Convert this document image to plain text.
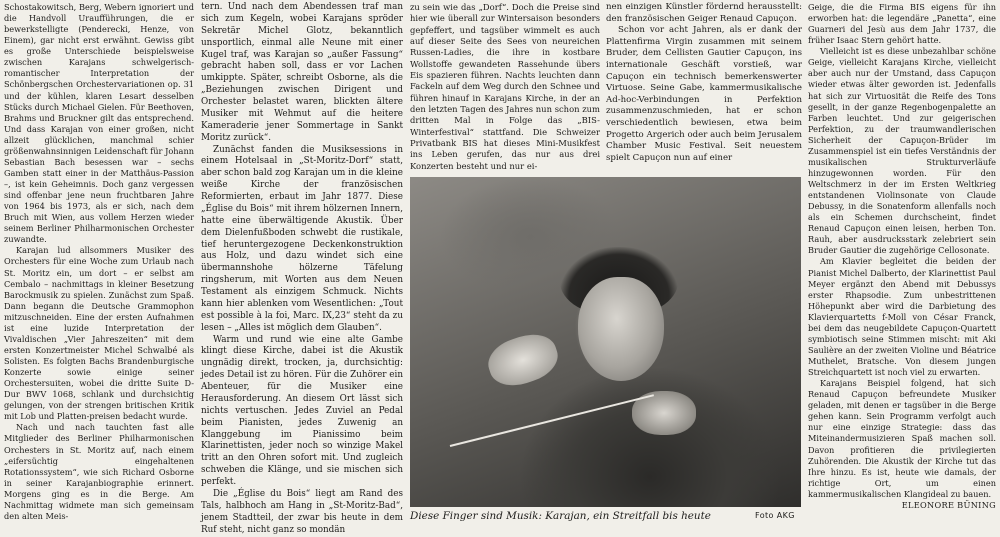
Schostakowitsch, Berg, Webern ignoriert und die Handvoll Uraufführungen, die er bewerkstelligte (Penderecki, Henze, von Einem), gar nicht erst erwähnt. Gewiss gibt es große Unterschiede beispielsweise zwischen Karajans schwelgerisch-romantischer Interpretation der Schönbergschen Orchestervariationen op. 31 und der kühlen, klaren Lesart desselben Stücks durch Michael Gielen. Für Beethoven, Brahms und Bruckner gilt das entsprechend. Und dass Karajan von einer großen, nicht allzeit glücklichen, manchmal schier größenwahnsinnigen Leidenschaft für Johann Sebastian Bach besessen war – sechs Gamben statt einer in der Matthäus-Passion –, ist kein Geheimnis. Doch ganz vergessen sind offenbar jene neun fruchtbaren Jahre von 1964 bis 1973, als er sich, nach dem Bruch mit Wien, aus vollem Herzen wieder seinem Berliner Philharmonischen Orchester zuwandte.

Karajan lud allsommers Musiker des Orchesters für eine Woche zum Urlaub nach St. Moritz ein, um dort – er selbst am Cembalo – nachmittags in kleiner Besetzung Barockmusik zu spielen. Zunächst zum Spaß. Dann begann die Deutsche Grammophon mitzuschneiden. Eine der ersten Aufnahmen ist eine luzide Interpretation der Vivaldischen „Vier Jahreszeiten“ mit dem ersten Konzertmeister Michel Schwalbé als Solisten. Es folgten Bachs Brandenburgische Konzerte sowie einige seiner Orchestersuiten, wobei die dritte Suite D-Dur BWV 1068, schlank und durchsichtig gelungen, von der strengen britischen Kritik mit Lob und Platten-preisen bedacht wurde.

Nach und nach tauchten fast alle Mitglieder des Berliner Philharmonischen Orchesters in St. Moritz auf, nach einem „eifersüchtig eingehaltenen Rotationssystem“, wie sich Richard Osborne in seiner Karajanbiographie erinnert. Morgens ging es in die Berge. Am Nachmittag widmete man sich gemeinsam den alten Meis-

tern. Und nach dem Abendessen traf man sich zum Kegeln, wobei Karajans spröder Sekretär Michel Glotz, bekanntlich unsportlich, einmal alle Neune mit einer Kugel traf, was Karajan so „außer Fassung“ gebracht haben soll, dass er vor Lachen umkippte. Später, schreibt Osborne, als die „Beziehungen zwischen Dirigent und Orchester belastet waren, blickten ältere Musiker mit Wehmut auf die heitere Kameraderie jener Sommertage in Sankt Moritz zurück“.

Zunächst fanden die Musiksessions in einem Hotelsaal in „St-Moritz-Dorf“ statt, aber schon bald zog Karajan um in die kleine weiße Kirche der französischen Reformierten, erbaut im Jahr 1877. Diese „Église du Bois“ mit ihrem hölzernen Innern, hatte eine überwältigende Akustik. Über dem Dielenfußboden schwebt die rustikale, tief heruntergezogene Deckenkonstruktion aus Holz, und dazu windet sich eine übermannshohe hölzerne Täfelung ringsherum, mit Worten aus dem Neuen Testament als einzigem Schmuck. Nichts kann hier ablenken vom Wesentlichen: „Tout est possible à la foi, Marc. IX,23“ steht da zu lesen – „Alles ist möglich dem Glauben“.

Warm und rund wie eine alte Gambe klingt diese Kirche, dabei ist die Akustik ungnädig direkt, trocken, ja, durchsichtig: jedes Detail ist zu hören. Für die Zuhörer ein Abenteuer, für die Musiker eine Herausforderung. An diesem Ort lässt sich nichts vertuschen. Jedes Zuviel an Pedal beim Pianisten, jedes Zuwenig an Klanggebung im Pianissimo beim Klarinettisten, jeder noch so winzige Makel tritt an den Ohren sofort mit. Und zugleich schweben die Klänge, und sie mischen sich perfekt.

Die „Église du Bois“ liegt am Rand des Tals, halbhoch am Hang in „St-Moritz-Bad“, jenem Stadtteil, der zwar bis heute in dem Ruf steht, nicht ganz so mondän

zu sein wie das „Dorf“. Doch die Preise sind hier wie überall zur Wintersaison besonders gepfeffert, und tagsüber wimmelt es auch auf dieser Seite des Sees von neureichen Russen-Ladies, die ihre in kostbare Wollstoffe gewandeten Rassehunde übers Eis spazieren führen. Nachts leuchten dann Fackeln auf dem Weg durch den Schnee und führen hinauf in Karajans Kirche, in der an den letzten Tagen des Jahres nun schon zum dritten Mal in Folge das „BIS-Winterfestival“ stattfand. Die Schweizer Privatbank BIS hat dieses Mini-Musikfest ins Leben gerufen, das nur aus drei Konzerten besteht und nur ei-

nen einzigen Künstler fördernd herausstellt: den französischen Geiger Renaud Capuçon.

Schon vor acht Jahren, als er dank der Plattenfirma Virgin zusammen mit seinem Bruder, dem Cellisten Gautier Capuçon, ins internationale Geschäft vorstieß, war Capuçon ein technisch bemerkenswerter Virtuose. Seine Gabe, kammermusikalische Ad-hoc-Verbindungen in Perfektion zusammenzuschmieden, hat er schon verschiedentlich bewiesen, etwa beim Progetto Argerich oder auch beim Jerusalem Chamber Music Festival. Seit neuestem spielt Capuçon nun auf einer

Diese Finger sind Musik: Karajan, ein Streitfall bis heute	Foto AKG

Geige, die die Firma BIS eigens für ihn erworben hat: die legendäre „Panetta“, eine Guarneri del Jesù aus dem Jahr 1737, die früher Isaac Stern gehört hatte.

Vielleicht ist es diese unbezahlbar schöne Geige, vielleicht Karajans Kirche, vielleicht aber auch nur der Umstand, dass Capuçon wieder etwas älter geworden ist. Jedenfalls hat sich zur Virtuosität die Reife des Tons gesellt, in der ganze Regenbogenpalette an Farben leuchtet. Und zur geigerischen Perfektion, zu der traumwandlerischen Sicherheit der Capuçon-Brüder im Zusammenspiel ist ein tiefes Verständnis der musikalischen Strukturverläufe hinzugewonnen worden. Für den Weltschmerz in der im Ersten Weltkrieg entstandenen Violinsonate von Claude Debussy, in die Sonatenform allenfalls noch als ein Schemen durchscheint, findet Renaud Capuçon einen leisen, herben Ton. Rauh, aber ausdrucksstark zelebriert sein Bruder Gautier die zugehörige Cellosonate.

Am Klavier begleitet die beiden der Pianist Michel Dalberto, der Klarinettist Paul Meyer ergänzt den Abend mit Debussys erster Rhapsodie. Zum unbestrittenen Höhepunkt aber wird die Darbietung des Klavierquartetts f-Moll von César Franck, bei dem das neugebildete Capuçon-Quartett symbiotisch seine Stimmen mischt: mit Aki Saulière an der zweiten Violine und Béatrice Muthelet, Bratsche. Von diesem jungen Streichquartett ist noch viel zu erwarten.

Karajans Beispiel folgend, hat sich Renaud Capuçon befreundete Musiker geladen, mit denen er tagsüber in die Berge gehen kann. Sein Programm verfolgt auch nur eine einzige Strategie: dass das Miteinandermusizieren Spaß machen soll. Davon profitieren die privilegierten Zuhörenden. Die Akustik der Kirche tut das Ihre hinzu. Es ist, heute wie damals, der richtige Ort, um einen kammermusikalischen Klangideal zu bauen.

ELEONORE BÜNING
